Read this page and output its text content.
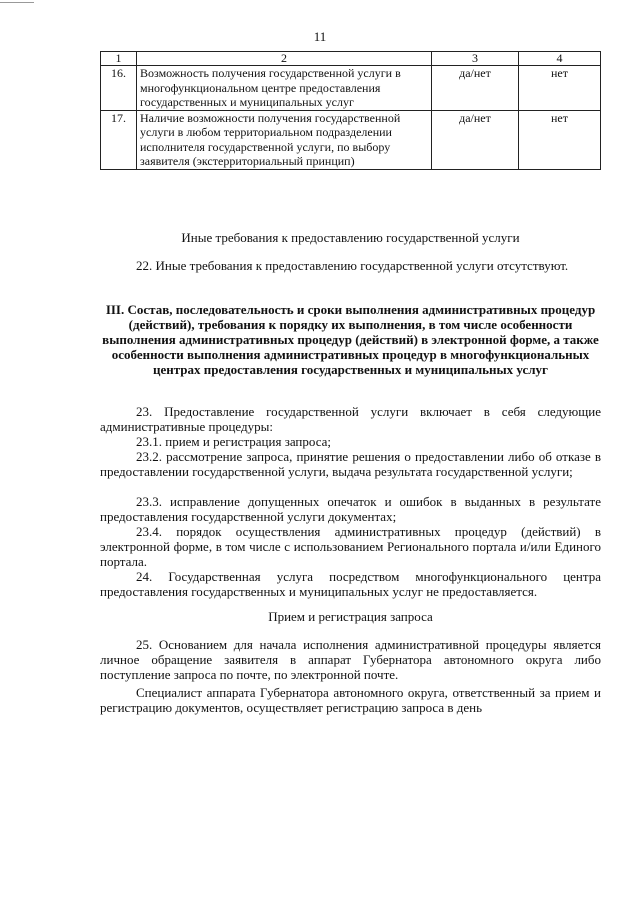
11
1	2	3	4
16.	Возможность получения государственной услуги в многофункциональном центре предоставления государственных и муниципальных услуг	да/нет	нет
17.	Наличие возможности получения государственной услуги в любом территориальном подразделении исполнителя государственной услуги, по выбору заявителя (экстерриториальный принцип)	да/нет	нет
Иные требования к предоставлению государственной услуги

22. Иные требования к предоставлению государственной услуги отсутствуют.

III. Состав, последовательность и сроки выполнения административных процедур (действий), требования к порядку их выполнения, в том числе особенности выполнения административных процедур (действий) в электронной форме, а также особенности выполнения административных процедур в многофункциональных центрах предоставления государственных и муниципальных услуг

23. Предоставление государственной услуги включает в себя следующие административные процедуры:

23.1. прием и регистрация запроса;

23.2. рассмотрение запроса, принятие решения о предоставлении либо об отказе в предоставлении государственной услуги, выдача результата государственной услуги;

23.3. исправление допущенных опечаток и ошибок в выданных в результате предоставления государственной услуги документах;

23.4. порядок осуществления административных процедур (действий) в электронной форме, в том числе с использованием Регионального портала и/или Единого портала.

24. Государственная услуга посредством многофункционального центра предоставления государственных и муниципальных услуг не предоставляется.

Прием и регистрация запроса

25. Основанием для начала исполнения административной процедуры является личное обращение заявителя в аппарат Губернатора автономного округа либо поступление запроса по почте, по электронной почте.

Специалист аппарата Губернатора автономного округа, ответственный за прием и регистрацию документов, осуществляет регистрацию запроса в день
